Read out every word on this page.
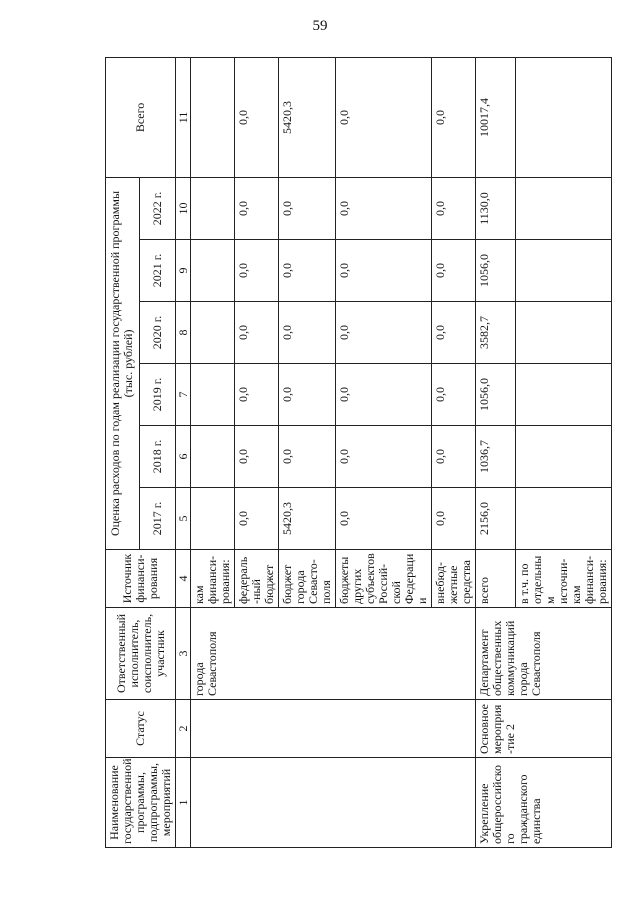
59
Наименование государственной программы, подпрограммы, мероприятий	Статус	Ответственный исполнитель, соисполнитель, участник	Источник финанси-рования	Оценка расходов по годам реализации государственной программы (тыс. рублей)						Всего
				2017 г.	2018 г.	2019 г.	2020 г.	2021 г.	2022 г.	
1	2	3	4	5	6	7	8	9	10	11
		города Севастополя	кам финанси-рования:							
			федераль-ный бюджет	0,0	0,0	0,0	0,0	0,0	0,0	0,0
			бюджет города Севасто-поля	5420,3	0,0	0,0	0,0	0,0	0,0	5420,3
			бюджеты других субъектов Россий-ской Федерации	0,0	0,0	0,0	0,0	0,0	0,0	0,0
			внебюд-жетные средства	0,0	0,0	0,0	0,0	0,0	0,0	0,0
Укрепление общероссийского гражданского единства	Основное мероприя-тие 2	Департамент общественных коммуникаций города Севастополя	всего	2156,0	1036,7	1056,0	3582,7	1056,0	1130,0	10017,4
			в т.ч. по отдельным источни-кам финанси-рования:							
